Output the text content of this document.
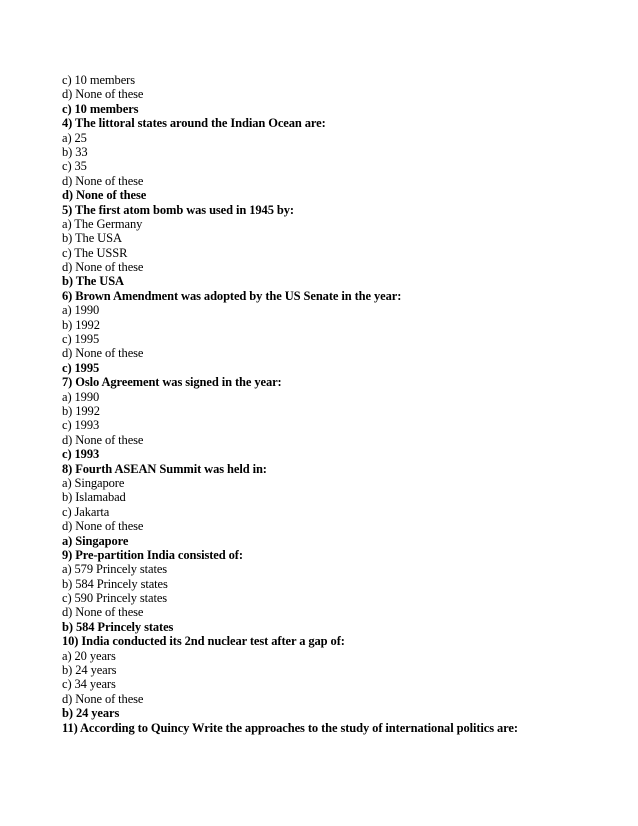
c) 10 members
d) None of these
c) 10 members
4) The littoral states around the Indian Ocean are:
a) 25
b) 33
c) 35
d) None of these
d) None of these
5) The first atom bomb was used in 1945 by:
a) The Germany
b) The USA
c) The USSR
d) None of these
b) The USA
6) Brown Amendment was adopted by the US Senate in the year:
a) 1990
b) 1992
c) 1995
d) None of these
c) 1995
7) Oslo Agreement was signed in the year:
a) 1990
b) 1992
c) 1993
d) None of these
c) 1993
8) Fourth ASEAN Summit was held in:
a) Singapore
b) Islamabad
c) Jakarta
d) None of these
a) Singapore
9) Pre-partition India consisted of:
a) 579 Princely states
b) 584 Princely states
c) 590 Princely states
d) None of these
b) 584 Princely states
10) India conducted its 2nd nuclear test after a gap of:
a) 20 years
b) 24 years
c) 34 years
d) None of these
b) 24 years
11) According to Quincy Write the approaches to the study of international politics are:
